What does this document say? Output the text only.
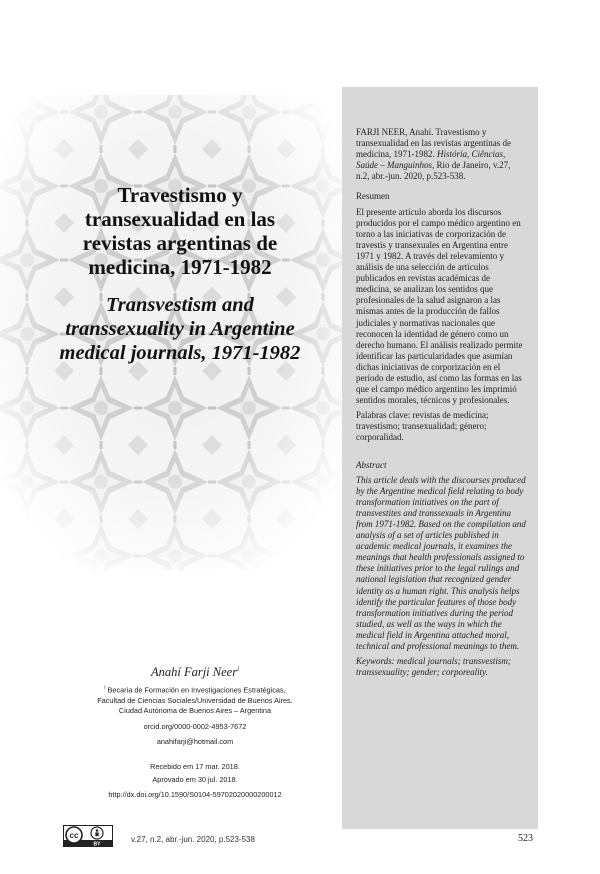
Travestismo y
transexualidad en las
revistas argentinas de
medicina, 1971-1982
Transvestism and
transsexuality in Argentine
medical journals, 1971-1982

FARJI NEER, Anahí. Travestismo y transexualidad en las revistas argentinas de medicina, 1971-1982. História, Ciências, Saúde – Manguinhos, Rio de Janeiro, v.27, n.2, abr.-jun. 2020, p.523-538.

Resumen

El presente artículo aborda los discursos producidos por el campo médico argentino en torno a las iniciativas de corporización de travestis y transexuales en Argentina entre 1971 y 1982. A través del relevamiento y análisis de una selección de artículos publicados en revistas académicas de medicina, se analizan los sentidos que profesionales de la salud asignaron a las mismas antes de la producción de fallos judiciales y normativas nacionales que reconocen la identidad de género como un derecho humano. El análisis realizado permite identificar las particularidades que asumían dichas iniciativas de corporización en el período de estudio, así como las formas en las que el campo médico argentino les imprimió sentidos morales, técnicos y profesionales.

Palabras clave: revistas de medicina; travestismo; transexualidad; género; corporalidad.

Abstract

This article deals with the discourses produced by the Argentine medical field relating to body transformation initiatives on the part of transvestites and transsexuals in Argentina from 1971-1982. Based on the compilation and analysis of a set of articles published in academic medical journals, it examines the meanings that health professionals assigned to these initiatives prior to the legal rulings and national legislation that recognized gender identity as a human right. This analysis helps identify the particular features of those body transformation initiatives during the period studied, as well as the ways in which the medical field in Argentina attached moral, technical and professional meanings to them.

Keywords: medical journals; transvestism; transsexuality; gender; corporeality.

Anahí Farji Neer$^i$
$^i$ Becaria de Formación en Investigaciones Estratégicas,
Facultad de Ciencias Sociales/Universidad de Buenos Aires.
Ciudad Autónoma de Buenos Aires – Argentina
orcid.org/0000-0002-4953-7672
anahifarji@hotmail.com
Recebido em 17 mar. 2018.
Aprovado em 30 jul. 2018.
http://dx.doi.org/10.1590/S0104-59702020000200012
cc
BY
v.27, n.2, abr.-jun. 2020, p.523-538	523
